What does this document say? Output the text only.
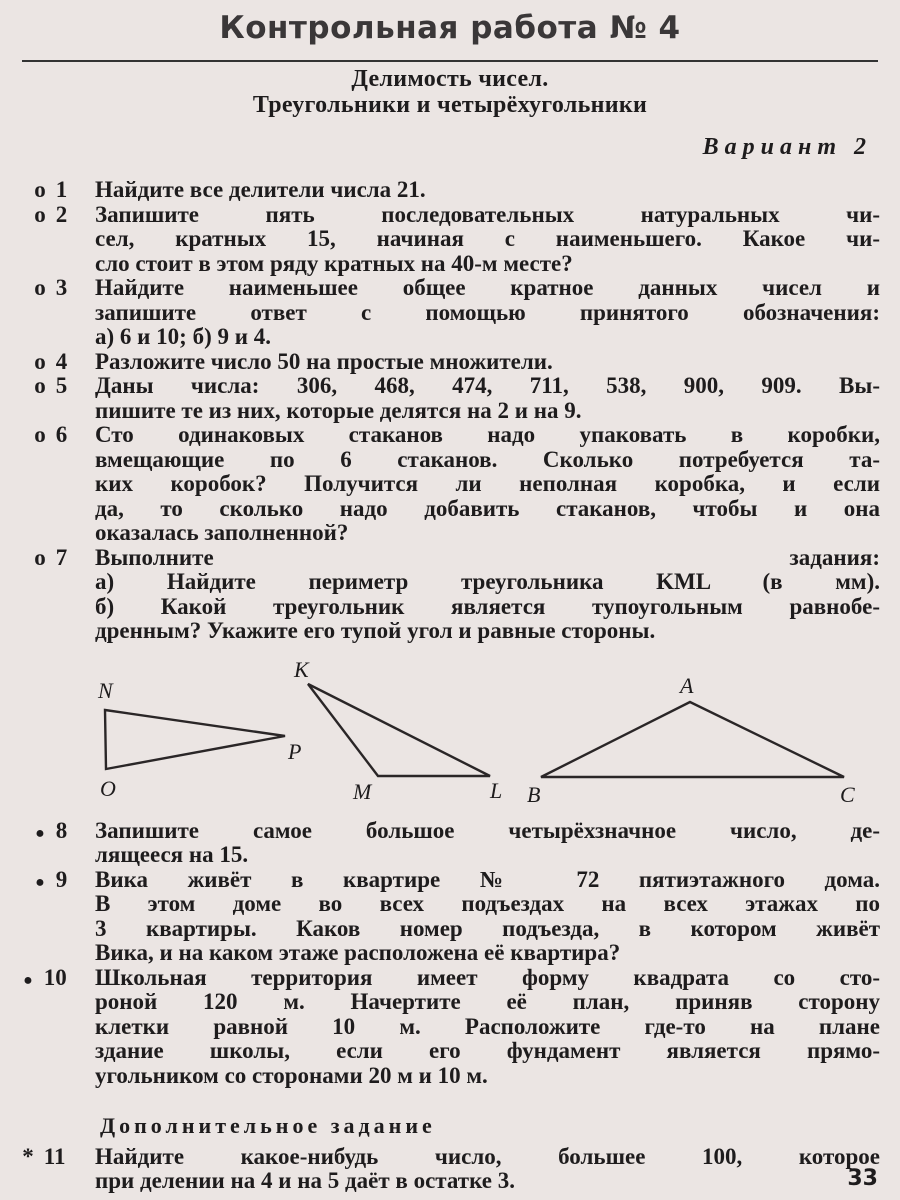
Контрольная работа № 4
Делимость чисел.
Треугольники и четырёхугольники
Вариант 2
o 1	Найдите все делители числа 21.
o 2	Запишите пять последовательных натуральных чи-
сел, кратных 15, начиная с наименьшего. Какое чи-
сло стоит в этом ряду кратных на 40-м месте?
o 3	Найдите наименьшее общее кратное данных чисел и
запишите ответ с помощью принятого обозначения:
а) 6 и 10; б) 9 и 4.
o 4	Разложите число 50 на простые множители.
o 5	Даны числа: 306, 468, 474, 711, 538, 900, 909. Вы-
пишите те из них, которые делятся на 2 и на 9.
o 6	Сто одинаковых стаканов надо упаковать в коробки,
вмещающие по 6 стаканов. Сколько потребуется та-
ких коробок? Получится ли неполная коробка, и если
да, то сколько надо добавить стаканов, чтобы и она
оказалась заполненной?
o 7	Выполните задания:
а) Найдите периметр треугольника KML (в мм).
б) Какой треугольник является тупоугольным равнобе-
дренным? Укажите его тупой угол и равные стороны.
N
O
P
K
M	L
A
B	C
● 8	Запишите самое большое четырёхзначное число, де-
лящееся на 15.
● 9	Вика живёт в квартире № 72 пятиэтажного дома.
В этом доме во всех подъездах на всех этажах по
3 квартиры. Каков номер подъезда, в котором живёт
Вика, и на каком этаже расположена её квартира?
● 10	Школьная территория имеет форму квадрата со сто-
роной 120 м. Начертите её план, приняв сторону
клетки равной 10 м. Расположите где-то на плане
здание школы, если его фундамент является прямо-
угольником со сторонами 20 м и 10 м.
Дополнительное задание
* 11	Найдите какое-нибудь число, большее 100, которое
при делении на 4 и на 5 даёт в остатке 3.	33
